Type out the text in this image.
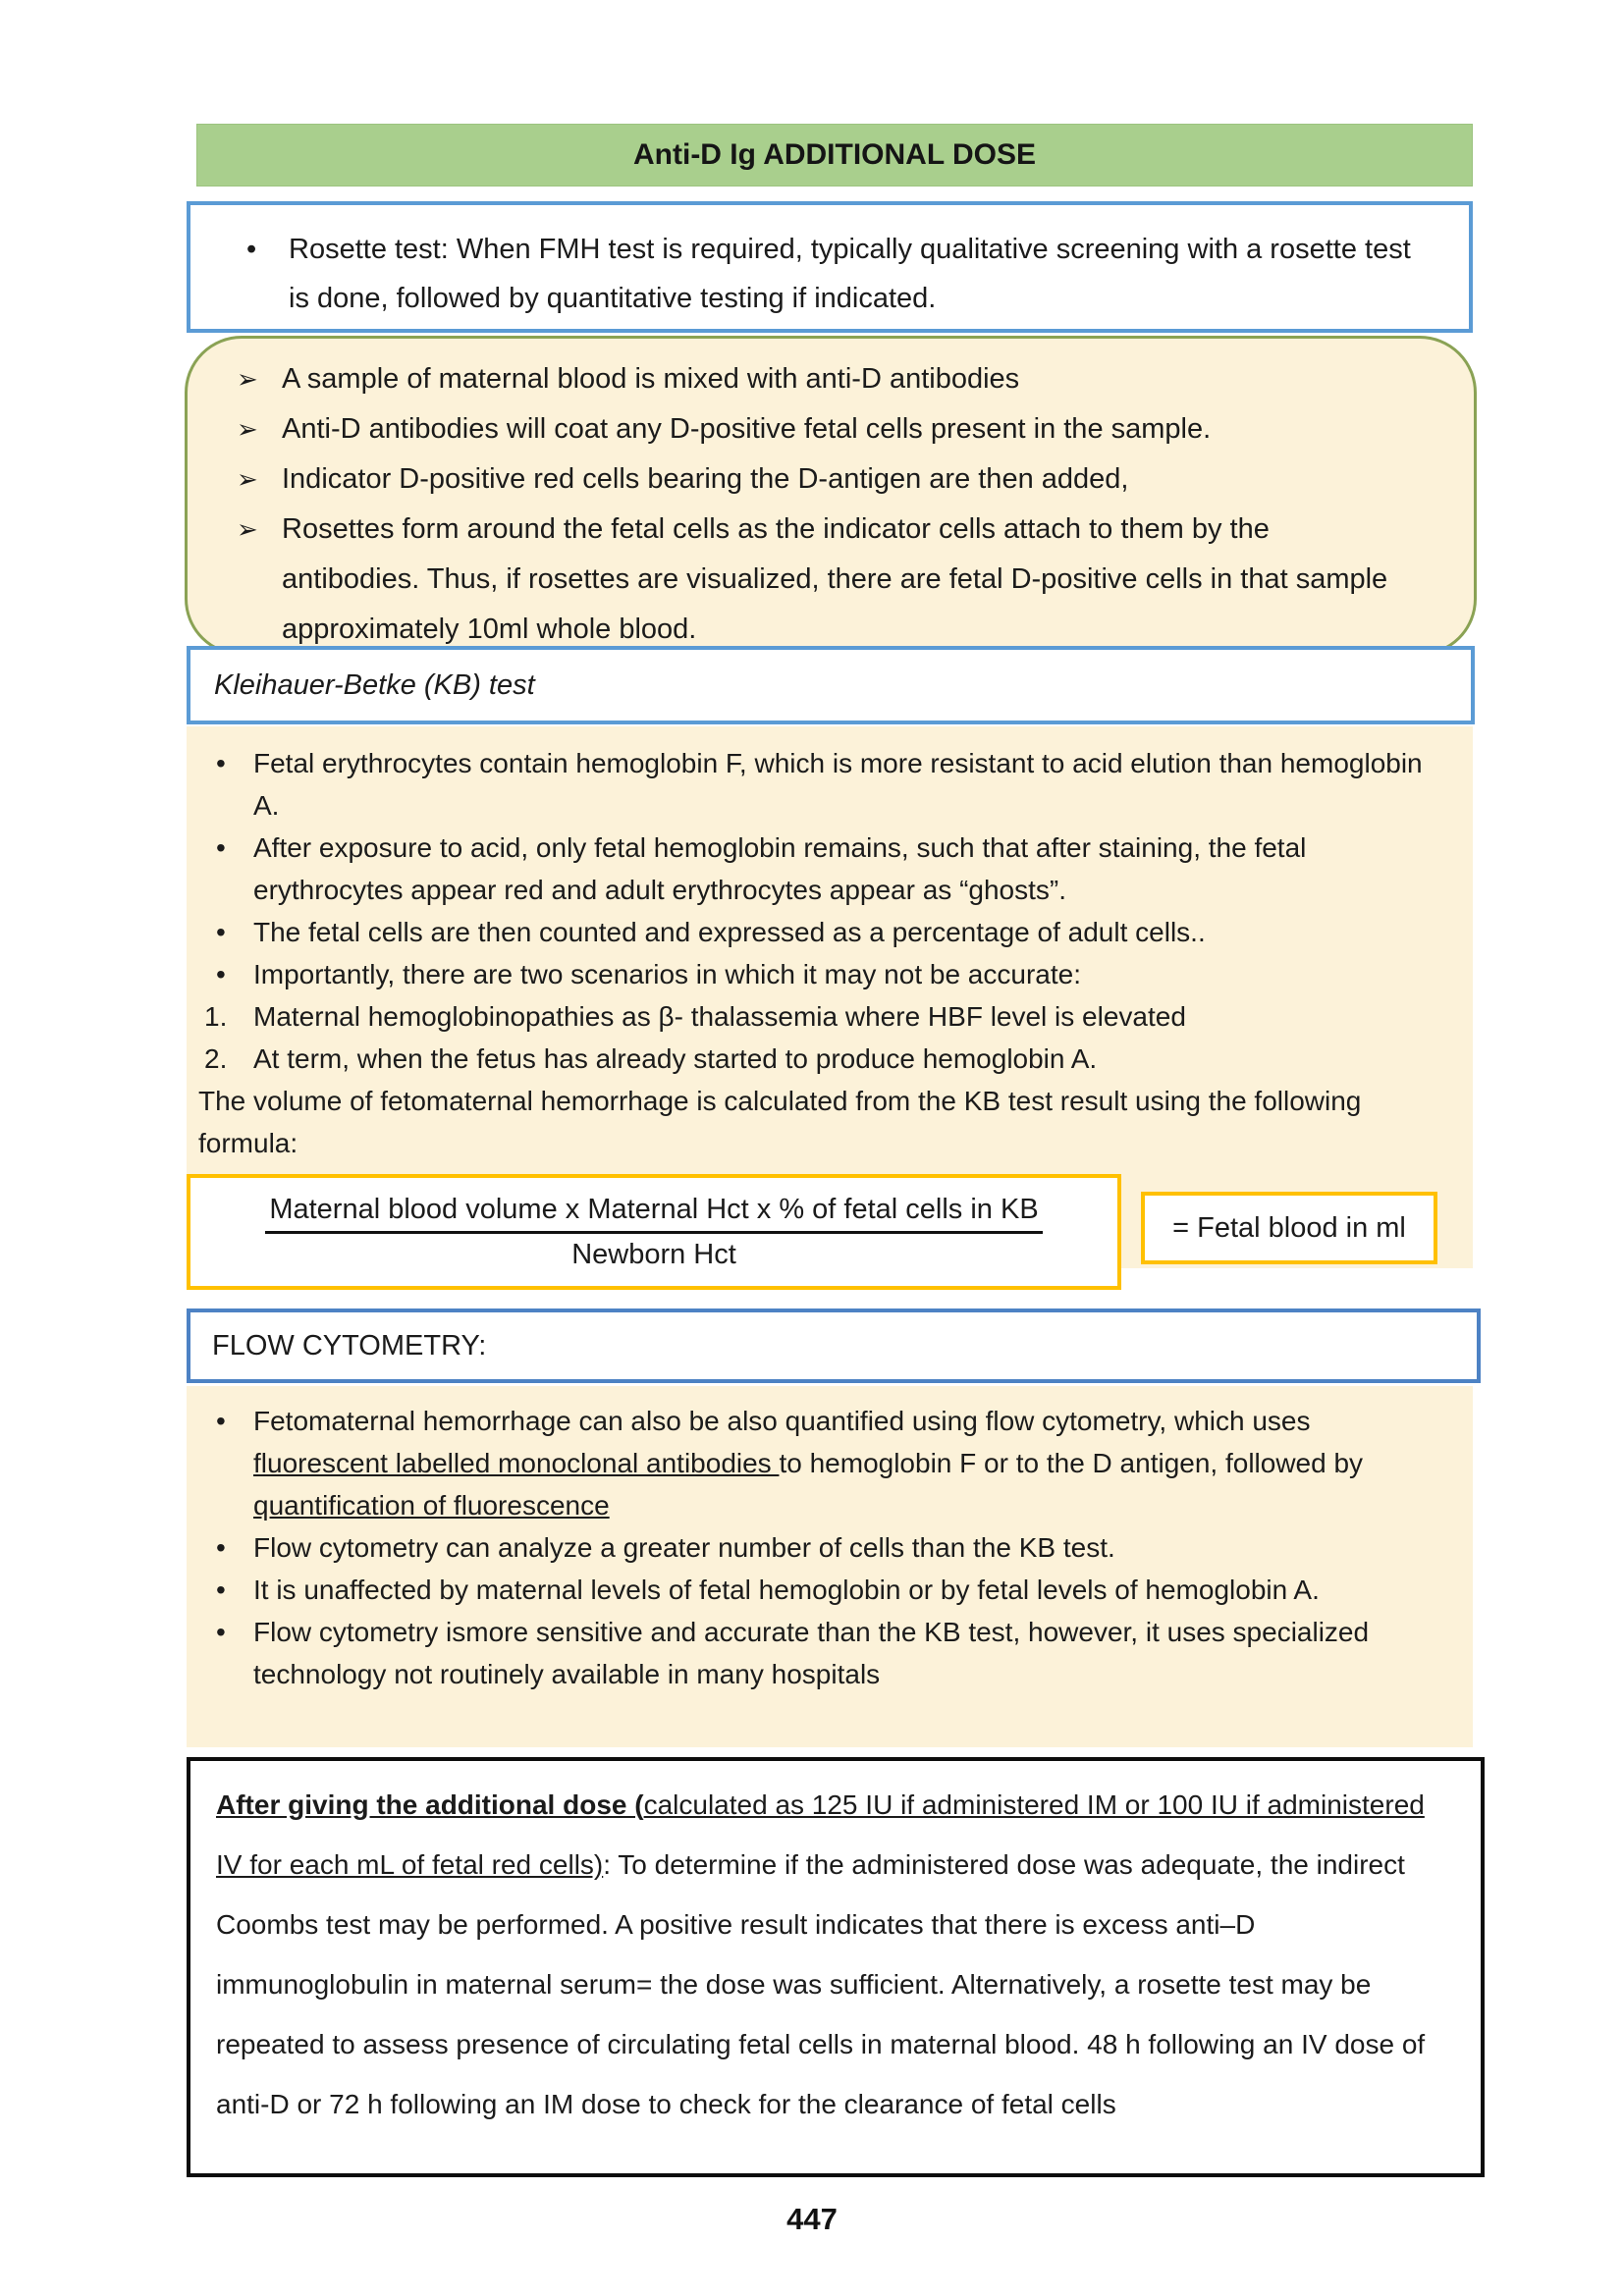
Anti-D Ig ADDITIONAL DOSE
• Rosette test: When FMH test is required, typically qualitative screening with a rosette test is done, followed by quantitative testing if indicated.
➢ A sample of maternal blood is mixed with anti-D antibodies
➢ Anti-D antibodies will coat any D-positive fetal cells present in the sample.
➢ Indicator D-positive red cells bearing the D-antigen are then added,
➢ Rosettes form around the fetal cells as the indicator cells attach to them by the antibodies. Thus, if rosettes are visualized, there are fetal D-positive cells in that sample approximately 10ml whole blood.
Kleihauer-Betke (KB) test
• Fetal erythrocytes contain hemoglobin F, which is more resistant to acid elution than hemoglobin A.
• After exposure to acid, only fetal hemoglobin remains, such that after staining, the fetal erythrocytes appear red and adult erythrocytes appear as “ghosts”.
• The fetal cells are then counted and expressed as a percentage of adult cells..
• Importantly, there are two scenarios in which it may not be accurate:
1. Maternal hemoglobinopathies as β- thalassemia where HBF level is elevated
2. At term, when the fetus has already started to produce hemoglobin A.

The volume of fetomaternal hemorrhage is calculated from the KB test result using the following formula:

Maternal blood volume x Maternal Hct x % of fetal cells in KB
Newborn Hct
= Fetal blood in ml
FLOW CYTOMETRY:
• Fetomaternal hemorrhage can also be also quantified using flow cytometry, which uses fluorescent labelled monoclonal antibodies to hemoglobin F or to the D antigen, followed by quantification of fluorescence
• Flow cytometry can analyze a greater number of cells than the KB test.
• It is unaffected by maternal levels of fetal hemoglobin or by fetal levels of hemoglobin A.
• Flow cytometry ismore sensitive and accurate than the KB test, however, it uses specialized technology not routinely available in many hospitals
After giving the additional dose (calculated as 125 IU if administered IM or 100 IU if administered IV for each mL of fetal red cells): To determine if the administered dose was adequate, the indirect Coombs test may be performed. A positive result indicates that there is excess anti–D immunoglobulin in maternal serum= the dose was sufficient. Alternatively, a rosette test may be repeated to assess presence of circulating fetal cells in maternal blood. 48 h following an IV dose of anti-D or 72 h following an IM dose to check for the clearance of fetal cells
447
